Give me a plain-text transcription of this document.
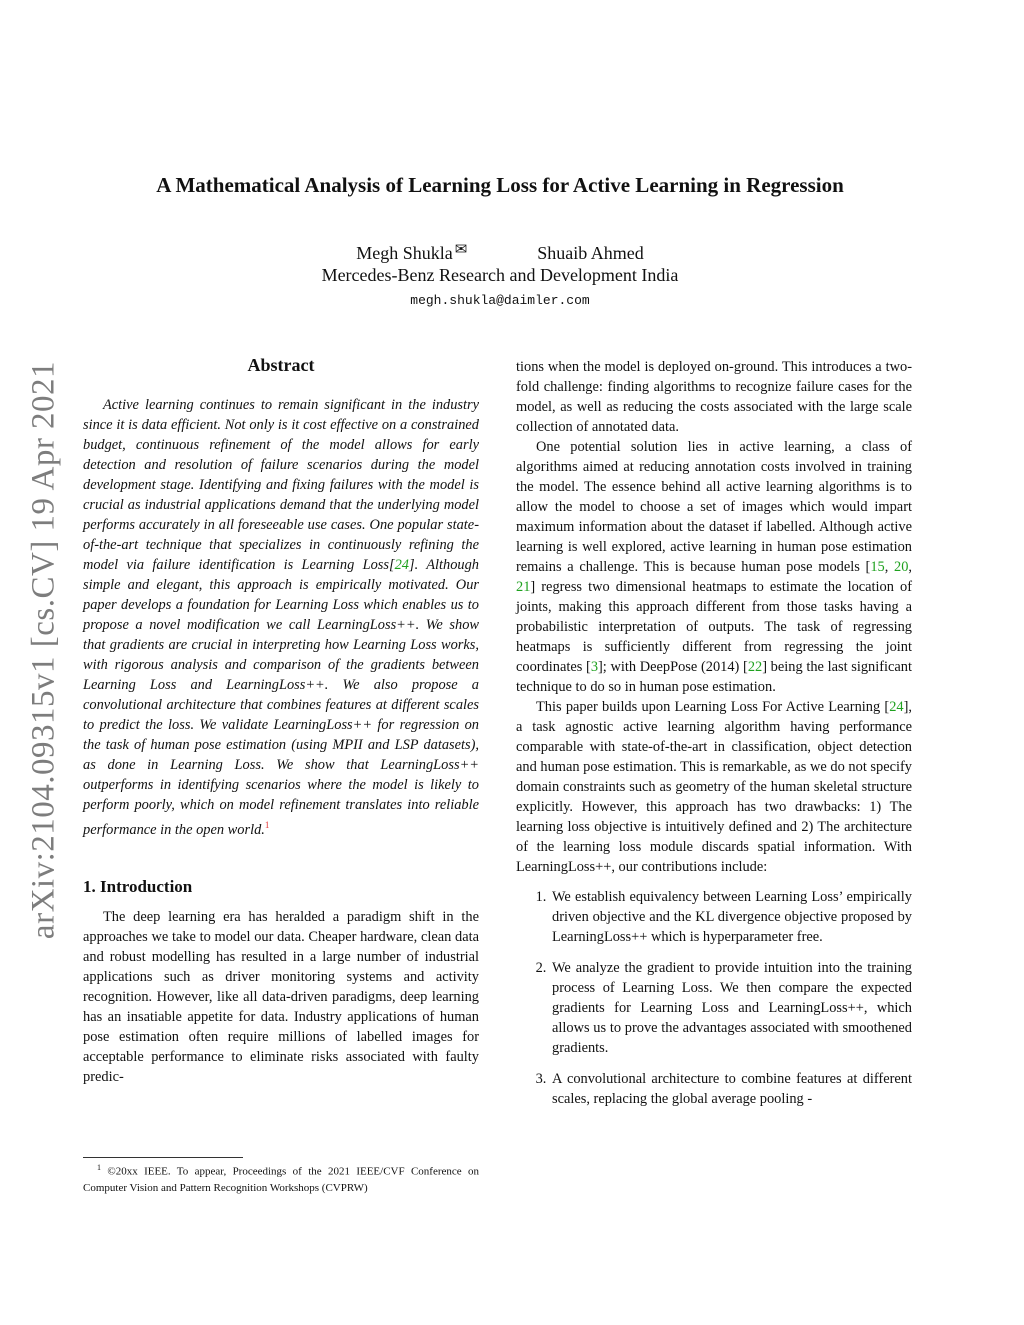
arXiv:2104.09315v1 [cs.CV] 19 Apr 2021
A Mathematical Analysis of Learning Loss for Active Learning in Regression
Megh Shukla ✉	Shuaib Ahmed
Mercedes-Benz Research and Development India
megh.shukla@daimler.com
Abstract

Active learning continues to remain significant in the industry since it is data efficient. Not only is it cost effective on a constrained budget, continuous refinement of the model allows for early detection and resolution of failure scenarios during the model development stage. Identifying and fixing failures with the model is crucial as industrial applications demand that the underlying model performs accurately in all foreseeable use cases. One popular state-of-the-art technique that specializes in continuously refining the model via failure identification is Learning Loss[24]. Although simple and elegant, this approach is empirically motivated. Our paper develops a foundation for Learning Loss which enables us to propose a novel modification we call LearningLoss++. We show that gradients are crucial in interpreting how Learning Loss works, with rigorous analysis and comparison of the gradients between Learning Loss and LearningLoss++. We also propose a convolutional architecture that combines features at different scales to predict the loss. We validate LearningLoss++ for regression on the task of human pose estimation (using MPII and LSP datasets), as done in Learning Loss. We show that LearningLoss++ outperforms in identifying scenarios where the model is likely to perform poorly, which on model refinement translates into reliable performance in the open world.$^1$

1. Introduction

The deep learning era has heralded a paradigm shift in the approaches we take to model our data. Cheaper hardware, clean data and robust modelling has resulted in a large number of industrial applications such as driver monitoring systems and activity recognition. However, like all data-driven paradigms, deep learning has an insatiable appetite for data. Industry applications of human pose estimation often require millions of labelled images for acceptable performance to eliminate risks associated with faulty predic-

$^1$ ©20xx IEEE. To appear, Proceedings of the 2021 IEEE/CVF Conference on Computer Vision and Pattern Recognition Workshops (CVPRW)

tions when the model is deployed on-ground. This introduces a two-fold challenge: finding algorithms to recognize failure cases for the model, as well as reducing the costs associated with the large scale collection of annotated data.

One potential solution lies in active learning, a class of algorithms aimed at reducing annotation costs involved in training the model. The essence behind all active learning algorithms is to allow the model to choose a set of images which would impart maximum information about the dataset if labelled. Although active learning is well explored, active learning in human pose estimation remains a challenge. This is because human pose models [15, 20, 21] regress two dimensional heatmaps to estimate the location of joints, making this approach different from those tasks having a probabilistic interpretation of outputs. The task of regressing heatmaps is sufficiently different from regressing the joint coordinates [3]; with DeepPose (2014) [22] being the last significant technique to do so in human pose estimation.

This paper builds upon Learning Loss For Active Learning [24], a task agnostic active learning algorithm having performance comparable with state-of-the-art in classification, object detection and human pose estimation. This is remarkable, as we do not specify domain constraints such as geometry of the human skeletal structure explicitly. However, this approach has two drawbacks: 1) The learning loss objective is intuitively defined and 2) The architecture of the learning loss module discards spatial information. With LearningLoss++, our contributions include:

1. We establish equivalency between Learning Loss’ empirically driven objective and the KL divergence objective proposed by LearningLoss++ which is hyperparameter free.
2. We analyze the gradient to provide intuition into the training process of Learning Loss. We then compare the expected gradients for Learning Loss and LearningLoss++, which allows us to prove the advantages associated with smoothened gradients.
3. A convolutional architecture to combine features at different scales, replacing the global average pooling -
